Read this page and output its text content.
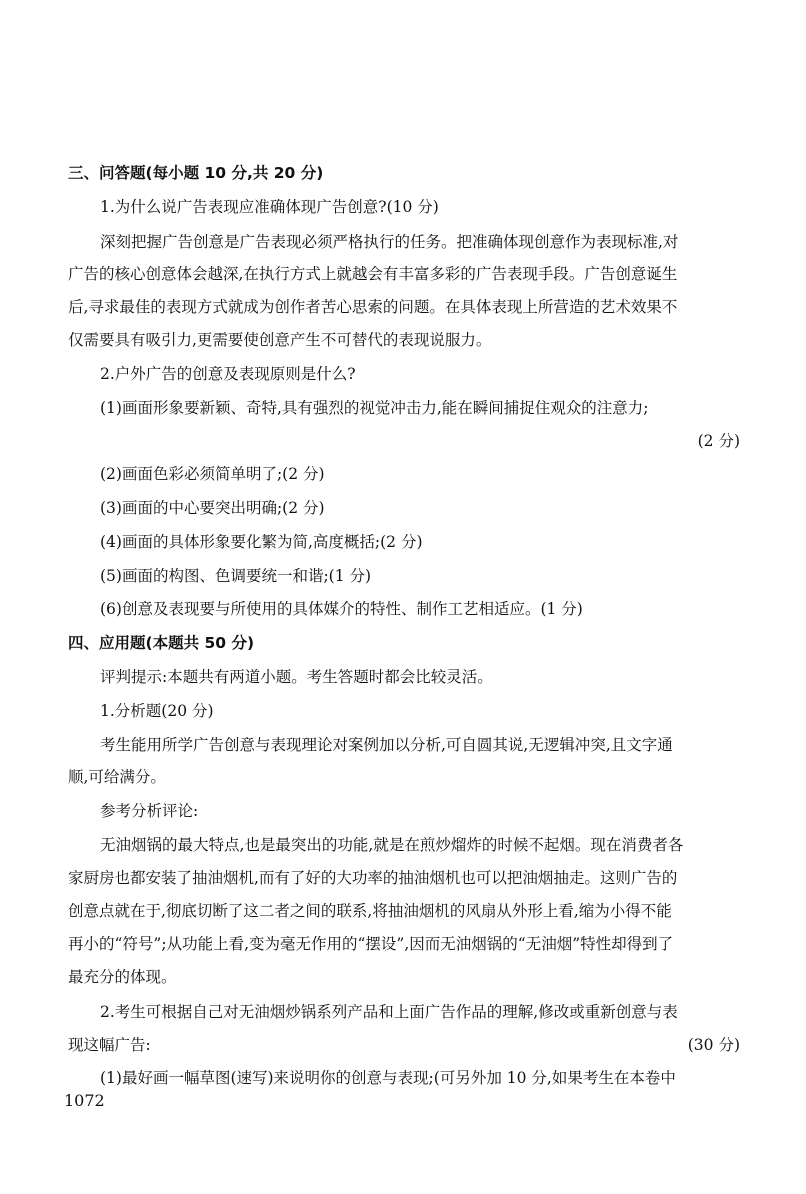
三、问答题(每小题 10 分,共 20 分)
1.为什么说广告表现应准确体现广告创意?(10 分)
深刻把握广告创意是广告表现必须严格执行的任务。把准确体现创意作为表现标准,对
广告的核心创意体会越深,在执行方式上就越会有丰富多彩的广告表现手段。广告创意诞生
后,寻求最佳的表现方式就成为创作者苦心思索的问题。在具体表现上所营造的艺术效果不
仅需要具有吸引力,更需要使创意产生不可替代的表现说服力。
2.户外广告的创意及表现原则是什么?
(1)画面形象要新颖、奇特,具有强烈的视觉冲击力,能在瞬间捕捉住观众的注意力;
(2 分)
(2)画面色彩必须简单明了;(2 分)
(3)画面的中心要突出明确;(2 分)
(4)画面的具体形象要化繁为简,高度概括;(2 分)
(5)画面的构图、色调要统一和谐;(1 分)
(6)创意及表现要与所使用的具体媒介的特性、制作工艺相适应。(1 分)
四、应用题(本题共 50 分)
评判提示:本题共有两道小题。考生答题时都会比较灵活。
1.分析题(20 分)
考生能用所学广告创意与表现理论对案例加以分析,可自圆其说,无逻辑冲突,且文字通
顺,可给满分。
参考分析评论:
无油烟锅的最大特点,也是最突出的功能,就是在煎炒熘炸的时候不起烟。现在消费者各
家厨房也都安装了抽油烟机,而有了好的大功率的抽油烟机也可以把油烟抽走。这则广告的
创意点就在于,彻底切断了这二者之间的联系,将抽油烟机的风扇从外形上看,缩为小得不能
再小的“符号”;从功能上看,变为毫无作用的“摆设”,因而无油烟锅的“无油烟”特性却得到了
最充分的体现。
2.考生可根据自己对无油烟炒锅系列产品和上面广告作品的理解,修改或重新创意与表
现这幅广告:	(30 分)
(1)最好画一幅草图(速写)来说明你的创意与表现;(可另外加 10 分,如果考生在本卷中
1072
